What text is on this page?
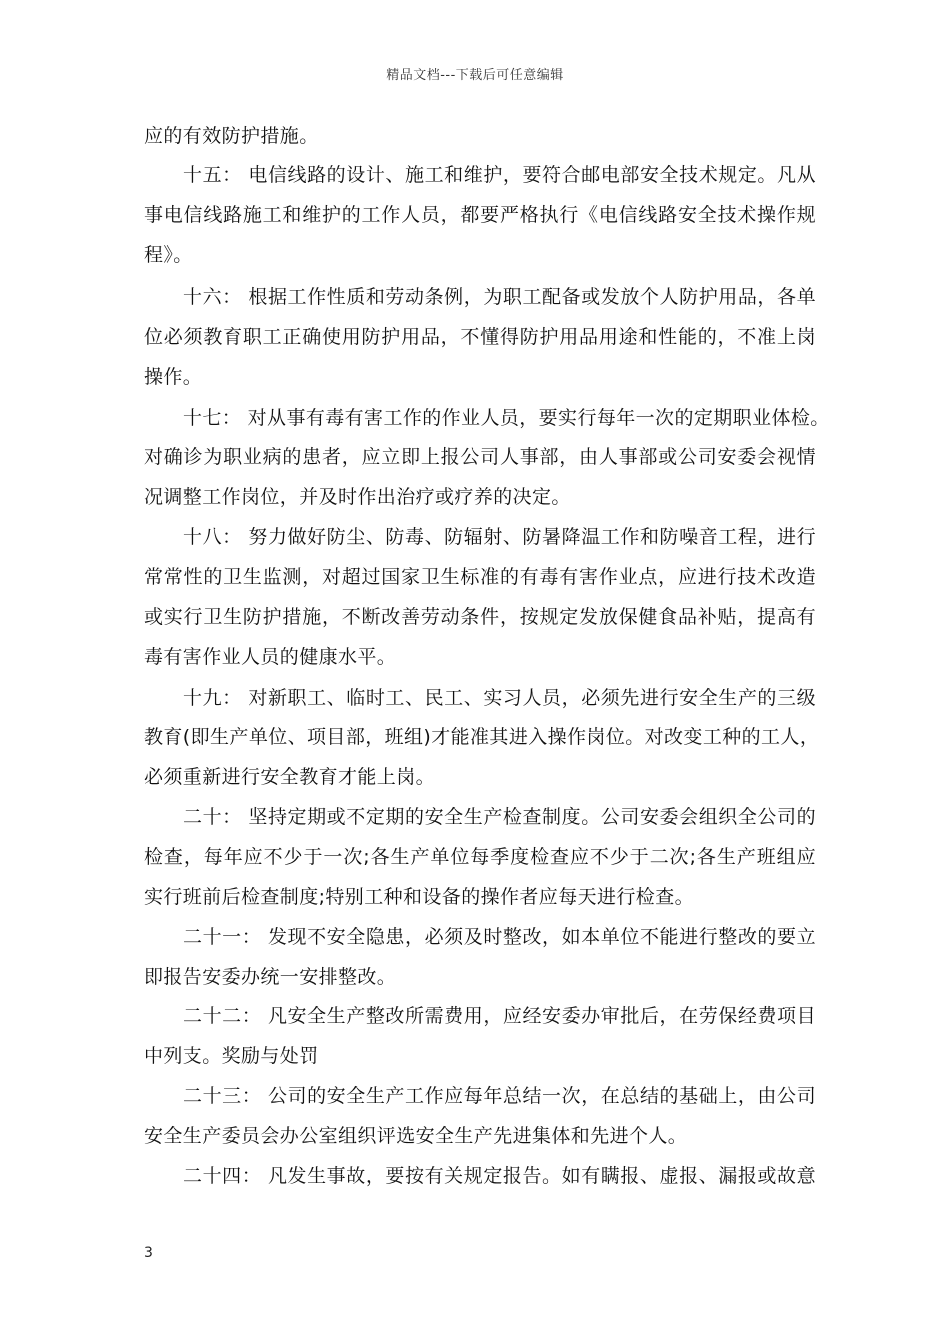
精品文档---下载后可任意编辑
应的有效防护措施。
十五： 电信线路的设计、施工和维护，要符合邮电部安全技术规定。凡从
事电信线路施工和维护的工作人员，都要严格执行《电信线路安全技术操作规
程》。
十六： 根据工作性质和劳动条例，为职工配备或发放个人防护用品，各单
位必须教育职工正确使用防护用品，不懂得防护用品用途和性能的，不准上岗
操作。
十七： 对从事有毒有害工作的作业人员，要实行每年一次的定期职业体检。
对确诊为职业病的患者，应立即上报公司人事部，由人事部或公司安委会视情
况调整工作岗位，并及时作出治疗或疗养的决定。
十八： 努力做好防尘、防毒、防辐射、防暑降温工作和防噪音工程，进行
常常性的卫生监测，对超过国家卫生标准的有毒有害作业点，应进行技术改造
或实行卫生防护措施，不断改善劳动条件，按规定发放保健食品补贴，提高有
毒有害作业人员的健康水平。
十九： 对新职工、临时工、民工、实习人员，必须先进行安全生产的三级
教育(即生产单位、项目部，班组)才能准其进入操作岗位。对改变工种的工人，
必须重新进行安全教育才能上岗。
二十： 坚持定期或不定期的安全生产检查制度。公司安委会组织全公司的
检查，每年应不少于一次;各生产单位每季度检查应不少于二次;各生产班组应
实行班前后检查制度;特别工种和设备的操作者应每天进行检查。
二十一： 发现不安全隐患，必须及时整改，如本单位不能进行整改的要立
即报告安委办统一安排整改。
二十二： 凡安全生产整改所需费用，应经安委办审批后，在劳保经费项目
中列支。奖励与处罚
二十三： 公司的安全生产工作应每年总结一次，在总结的基础上，由公司
安全生产委员会办公室组织评选安全生产先进集体和先进个人。
二十四： 凡发生事故，要按有关规定报告。如有瞒报、虚报、漏报或故意
3
